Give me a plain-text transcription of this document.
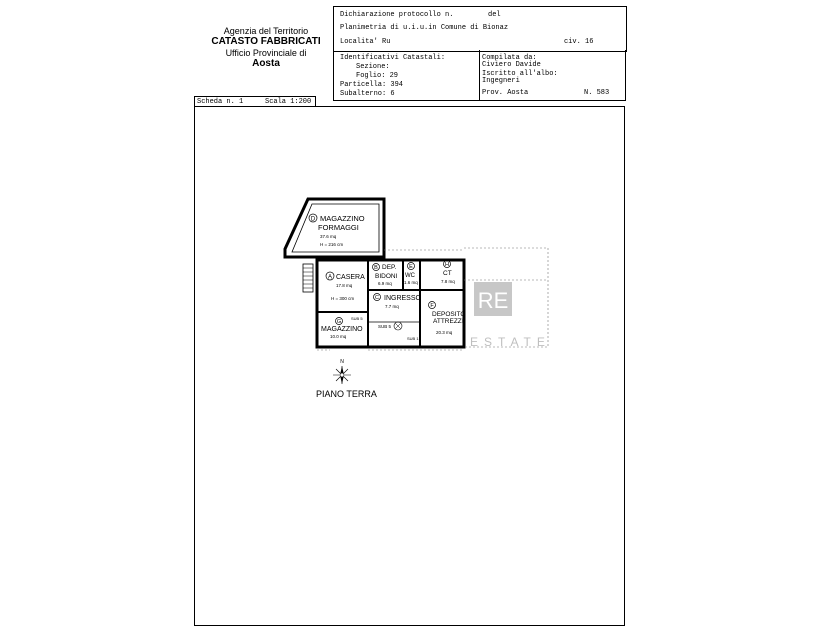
Agenzia del Territorio
CATASTO FABBRICATI
Ufficio Provinciale di
Aosta
Dichiarazione protocollo n.	del
Planimetria di u.i.u.in Comune di Bionaz
Localita' Ru	civ. 16
Identificativi Catastali:
Sezione:
Foglio: 29
Particella: 394
Subalterno: 6
Compilata da:
Civiero Davide
Iscritto all'albo:
Ingegneri
Prov. Aosta	N. 583
Scheda n. 1	Scala 1:200
RE
ESTATE
D MAGAZZINO
FORMAGGI
37.6 mq
H = 216 cm
A CASERA
17.8 mq
H = 300 cm
B DEP.
BIDONI
6.9 mq
E
WC
1.6 mq
H
CT
7.8 mq
C INGRESSO
7.7 mq
SUB 5
G
MAGAZZINO
10.0 mq
SUB 5
F
DEPOSITO
ATTREZZI
20.3 mq
SUB 1
N
PIANO TERRA
